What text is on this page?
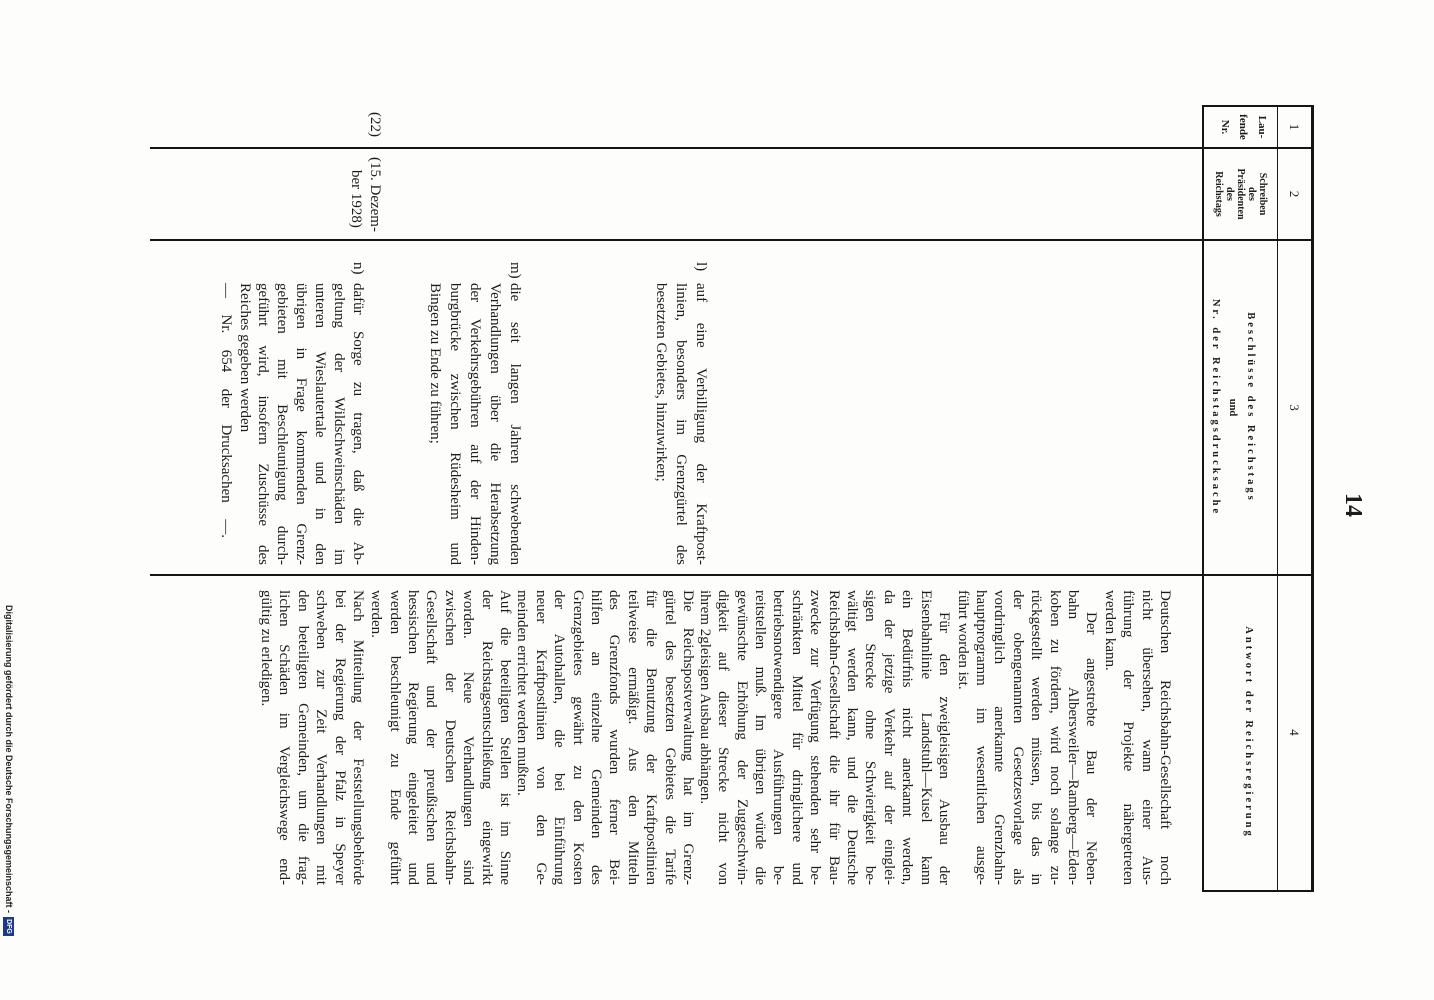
14
1
2
3
4
Lau-
fende
Nr.
Schreiben
des
Präsidenten
des
Reichstags
Beschlüsse des Reichstags
und
Nr. der Reichstagsdrucksache
Antwort der Reichsregierung
(22)
(15. Dezem-
ber 1928)
l)
auf eine Verbilligung der Kraftpost-
linien, besonders im Grenzgürtel des
besetzten Gebietes, hinzuwirken;
m)
die seit langen Jahren schwebenden
Verhandlungen über die Herabsetzung
der Verkehrsgebühren auf der Hinden-
burgbrücke zwischen Rüdesheim und
Bingen zu Ende zu führen;
n)
dafür Sorge zu tragen, daß die Ab-
geltung der Wildschweinschäden im
unteren Wieslautertale und in den
übrigen in Frage kommenden Grenz-
gebieten mit Beschleunigung durch-
geführt wird, insofern Zuschüsse des
Reiches gegeben werden
— Nr. 654 der Drucksachen —.
Deutschen Reichsbahn-Gesellschaft noch
nicht übersehen, wann einer Aus-
führung der Projekte nähergetreten
werden kann.
Der angestrebte Bau der Neben-
bahn Albersweiler—Ramberg—Eden-
koben zu fördern, wird noch solange zu-
rückgestellt werden müssen, bis das in
der obengenannten Gesetzesvorlage als
vordringlich anerkannte Grenzbahn-
hauptprogramm im wesentlichen ausge-
führt worden ist.
Für den zweigleisigen Ausbau der
Eisenbahnlinie Landstuhl—Kusel kann
ein Bedürfnis nicht anerkannt werden,
da der jetzige Verkehr auf der einglei-
sigen Strecke ohne Schwierigkeit be-
wältigt werden kann, und die Deutsche
Reichsbahn-Gesellschaft die ihr für Bau-
zwecke zur Verfügung stehenden sehr be-
schränkten Mittel für dringlichere und
betriebsnotwendigere Ausführungen be-
reitstellen muß. Im übrigen würde die
gewünschte Erhöhung der Zuggeschwin-
digkeit auf dieser Strecke nicht von
ihrem 2gleisigen Ausbau abhängen.
Die Reichspostverwaltung hat im Grenz-
gürtel des besetzten Gebietes die Tarife
für die Benutzung der Kraftpostlinien
teilweise ermäßigt. Aus den Mitteln
des Grenzfonds wurden ferner Bei-
hilfen an einzelne Gemeinden des
Grenzgebietes gewährt zu den Kosten
der Autohallen, die bei Einführung
neuer Kraftpostlinien von den Ge-
meinden errichtet werden mußten.
Auf die beteiligten Stellen ist im Sinne
der Reichstagsentschließung eingewirkt
worden. Neue Verhandlungen sind
zwischen der Deutschen Reichsbahn-
Gesellschaft und der preußischen und
hessischen Regierung eingeleitet und
werden beschleunigt zu Ende geführt
werden.
Nach Mitteilung der Feststellungsbehörde
bei der Regierung der Pfalz in Speyer
schweben zur Zeit Verhandlungen mit
den beteiligten Gemeinden, um die frag-
lichen Schäden im Vergleichswege end-
gültig zu erledigen.
Digitalisierung gefördert durch die Deutsche Forschungsgemeinschaft -
DFG
